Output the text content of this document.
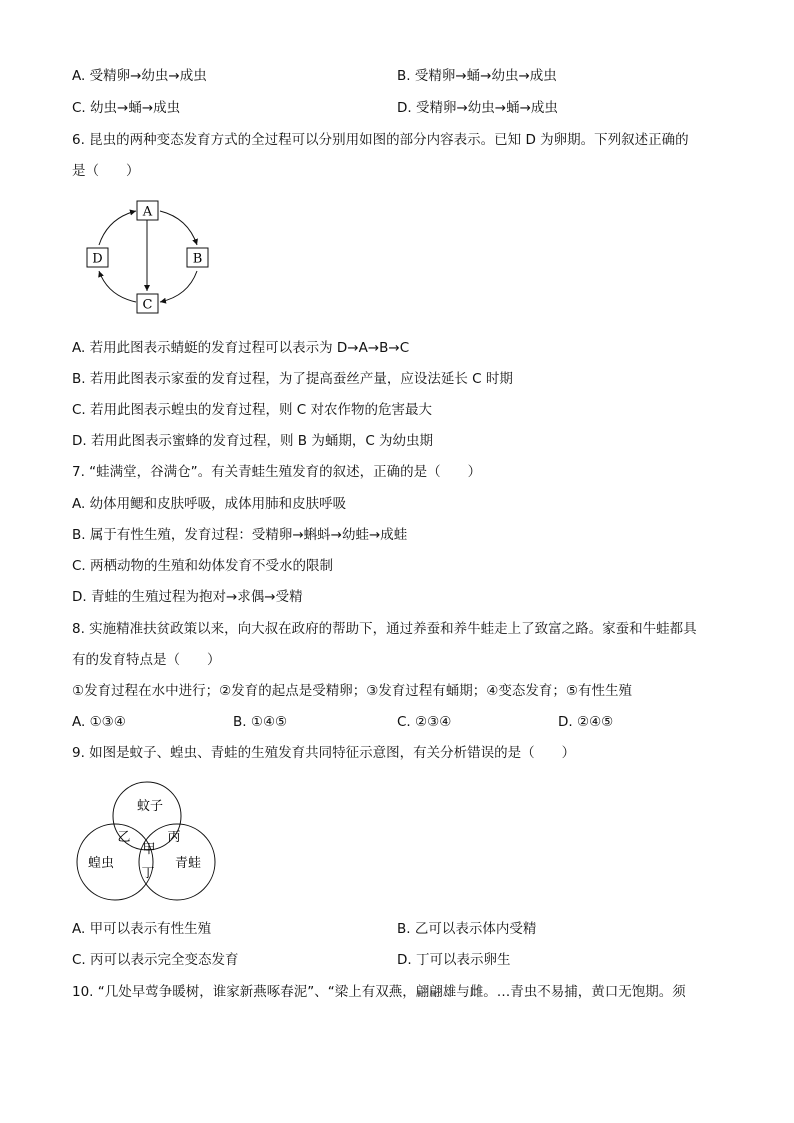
A. 受精卵→幼虫→成虫	B. 受精卵→蛹→幼虫→成虫
C. 幼虫→蛹→成虫	D. 受精卵→幼虫→蛹→成虫
6. 昆虫的两种变态发育方式的全过程可以分别用如图的部分内容表示。已知 D 为卵期。下列叙述正确的
是（　　）
A
B
C
D
A. 若用此图表示蜻蜓的发育过程可以表示为 D→A→B→C
B. 若用此图表示家蚕的发育过程，为了提高蚕丝产量，应设法延长 C 时期
C. 若用此图表示蝗虫的发育过程，则 C 对农作物的危害最大
D. 若用此图表示蜜蜂的发育过程，则 B 为蛹期，C 为幼虫期
7. “蛙满堂，谷满仓”。有关青蛙生殖发育的叙述，正确的是（　　）
A. 幼体用鳃和皮肤呼吸，成体用肺和皮肤呼吸
B. 属于有性生殖，发育过程：受精卵→蝌蚪→幼蛙→成蛙
C. 两栖动物的生殖和幼体发育不受水的限制
D. 青蛙的生殖过程为抱对→求偶→受精
8. 实施精准扶贫政策以来，向大叔在政府的帮助下，通过养蚕和养牛蛙走上了致富之路。家蚕和牛蛙都具
有的发育特点是（　　）
①发育过程在水中进行；②发育的起点是受精卵；③发育过程有蛹期；④变态发育；⑤有性生殖
A. ①③④	B. ①④⑤	C. ②③④	D. ②④⑤
9. 如图是蚊子、蝗虫、青蛙的生殖发育共同特征示意图，有关分析错误的是（　　）
蚊子
蝗虫	青蛙
乙	丙
甲
丁
A. 甲可以表示有性生殖	B. 乙可以表示体内受精
C. 丙可以表示完全变态发育	D. 丁可以表示卵生
10. “几处早莺争暖树，谁家新燕啄春泥”、“梁上有双燕，翩翩雄与雌。…青虫不易捕，黄口无饱期。须
